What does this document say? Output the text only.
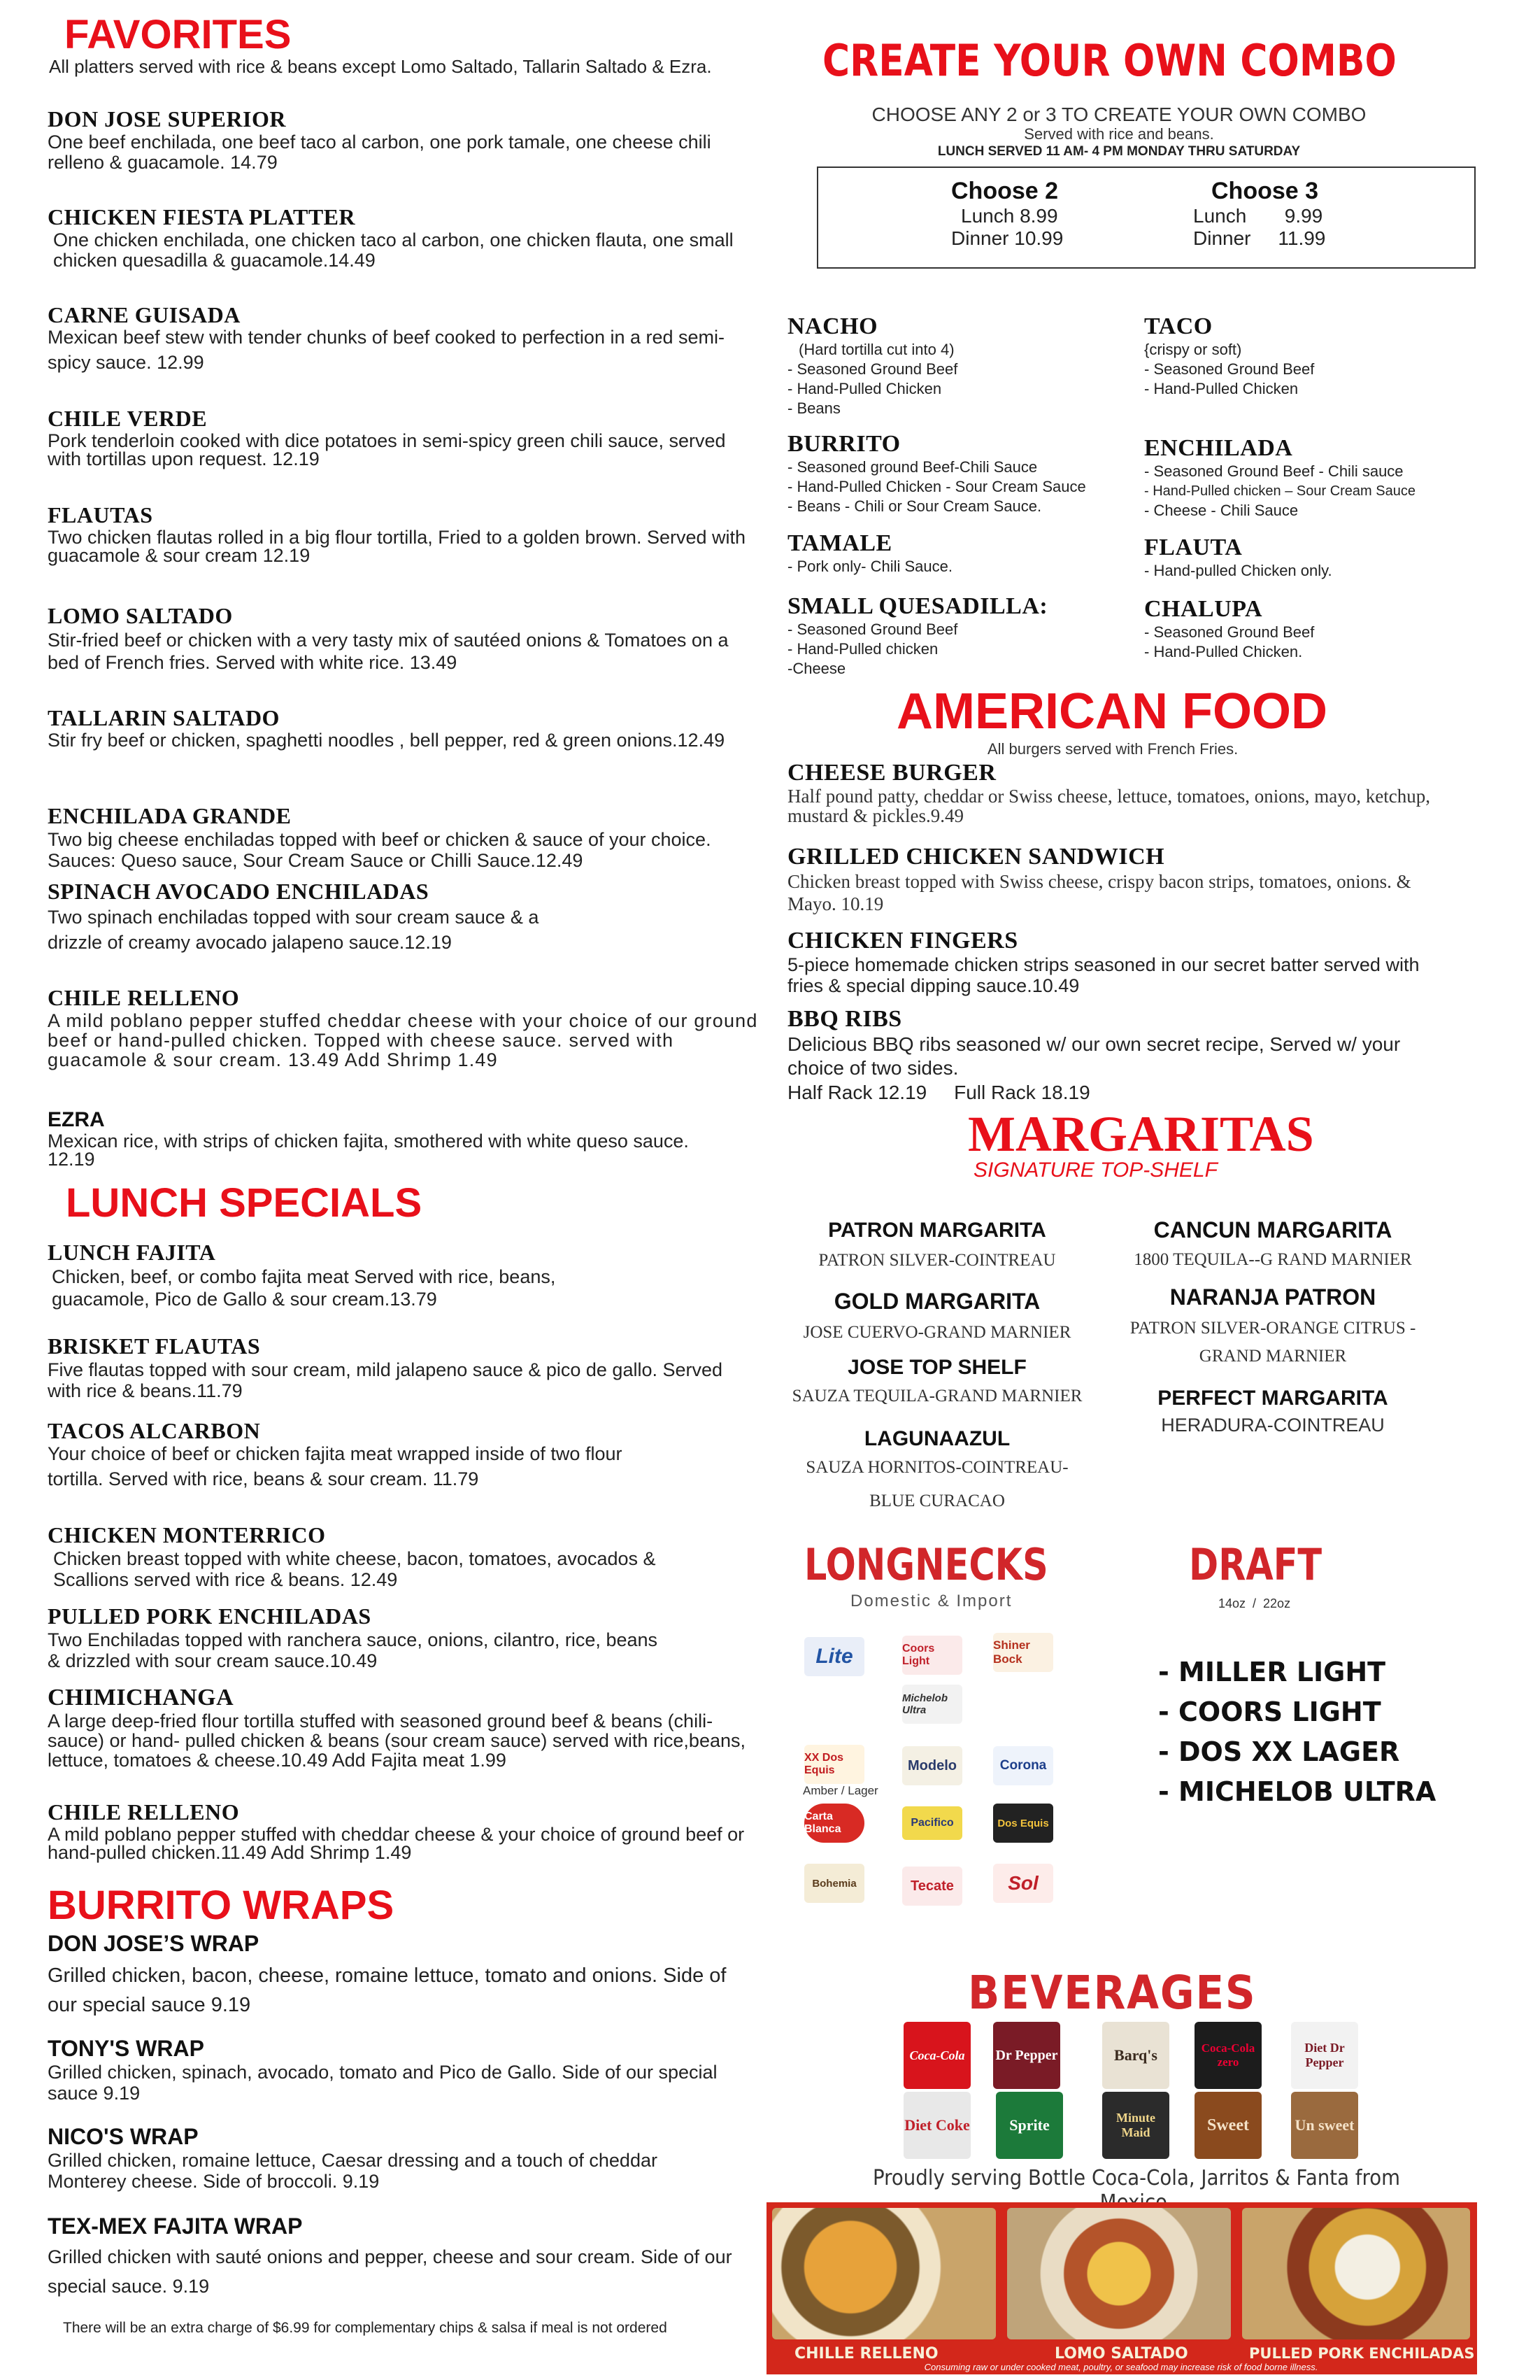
FAVORITES
All platters served with rice & beans except Lomo Saltado, Tallarin Saltado & Ezra.
DON JOSE SUPERIOR
One beef enchilada, one beef taco al carbon, one pork tamale, one cheese chili relleno & guacamole. 14.79
CHICKEN FIESTA PLATTER
One chicken enchilada, one chicken taco al carbon, one chicken flauta, one small chicken quesadilla & guacamole.14.49
CARNE GUISADA
Mexican beef stew with tender chunks of beef cooked to perfection in a red semi-spicy sauce. 12.99
CHILE VERDE
Pork tenderloin cooked with dice potatoes in semi-spicy green chili sauce, served with tortillas upon request. 12.19
FLAUTAS
Two chicken flautas rolled in a big flour tortilla, Fried to a golden brown. Served with guacamole & sour cream 12.19
LOMO SALTADO
Stir-fried beef or chicken with a very tasty mix of sautéed onions & Tomatoes on a bed of French fries. Served with white rice. 13.49
TALLARIN SALTADO
Stir fry beef or chicken, spaghetti noodles , bell pepper, red & green onions.12.49
ENCHILADA GRANDE
Two big cheese enchiladas topped with beef or chicken & sauce of your choice. Sauces: Queso sauce, Sour Cream Sauce or Chilli Sauce.12.49
SPINACH AVOCADO ENCHILADAS
Two spinach enchiladas topped with sour cream sauce & a drizzle of creamy avocado jalapeno sauce.12.19
CHILE RELLENO
A mild poblano pepper stuffed cheddar cheese with your choice of our ground beef or hand-pulled chicken. Topped with cheese sauce. served with guacamole & sour cream. 13.49 Add Shrimp 1.49
EZRA
Mexican rice, with strips of chicken fajita, smothered with white queso sauce. 12.19
LUNCH SPECIALS
LUNCH FAJITA
Chicken, beef, or combo fajita meat Served with rice, beans, guacamole, Pico de Gallo & sour cream.13.79
BRISKET FLAUTAS
Five flautas topped with sour cream, mild jalapeno sauce & pico de gallo. Served with rice & beans.11.79
TACOS ALCARBON
Your choice of beef or chicken fajita meat wrapped inside of two flour tortilla. Served with rice, beans & sour cream. 11.79
CHICKEN MONTERRICO
Chicken breast topped with white cheese, bacon, tomatoes, avocados & Scallions served with rice & beans. 12.49
PULLED PORK ENCHILADAS
Two Enchiladas topped with ranchera sauce, onions, cilantro, rice, beans & drizzled with sour cream sauce.10.49
CHIMICHANGA
A large deep-fried flour tortilla stuffed with seasoned ground beef & beans (chili-sauce) or hand- pulled chicken & beans (sour cream sauce) served with rice,beans, lettuce, tomatoes & cheese.10.49 Add Fajita meat 1.99
CHILE RELLENO
A mild poblano pepper stuffed with cheddar cheese & your choice of ground beef or hand-pulled chicken.11.49 Add Shrimp 1.49
BURRITO WRAPS
DON JOSE’S WRAP
Grilled chicken, bacon, cheese, romaine lettuce, tomato and onions. Side of our special sauce 9.19
TONY'S WRAP
Grilled chicken, spinach, avocado, tomato and Pico de Gallo. Side of our special sauce 9.19
NICO'S WRAP
Grilled chicken, romaine lettuce, Caesar dressing and a touch of cheddar Monterey cheese. Side of broccoli. 9.19
TEX-MEX FAJITA WRAP
Grilled chicken with sauté onions and pepper, cheese and sour cream. Side of our special sauce. 9.19
There will be an extra charge of $6.99 for complementary chips & salsa if meal is not ordered
CREATE YOUR OWN COMBO
CHOOSE ANY 2 or 3 TO CREATE YOUR OWN COMBO
Served with rice and beans.
LUNCH SERVED 11 AM- 4 PM MONDAY THRU SATURDAY
Choose 2
Lunch 8.99
Dinner 10.99
Choose 3
Lunch       9.99
Dinner     11.99
NACHO
(Hard tortilla cut into 4)
- Seasoned Ground Beef
- Hand-Pulled Chicken
- Beans
BURRITO
- Seasoned ground Beef-Chili Sauce
- Hand-Pulled Chicken - Sour Cream Sauce
- Beans - Chili or Sour Cream Sauce.
TAMALE
- Pork only- Chili Sauce.
SMALL QUESADILLA:
- Seasoned Ground Beef
- Hand-Pulled chicken
-Cheese
TACO
{crispy or soft)
- Seasoned Ground Beef
- Hand-Pulled Chicken
ENCHILADA
- Seasoned Ground Beef - Chili sauce
- Hand-Pulled chicken – Sour Cream Sauce
- Cheese - Chili Sauce
FLAUTA
- Hand-pulled Chicken only.
CHALUPA
- Seasoned Ground Beef
- Hand-Pulled Chicken.
AMERICAN FOOD
All burgers served with French Fries.
CHEESE BURGER
Half pound patty, cheddar or Swiss cheese, lettuce, tomatoes, onions, mayo, ketchup, mustard & pickles.9.49
GRILLED CHICKEN SANDWICH
Chicken breast topped with Swiss cheese, crispy bacon strips, tomatoes, onions. & Mayo. 10.19
CHICKEN FINGERS
5-piece homemade chicken strips seasoned in our secret batter served with fries & special dipping sauce.10.49
BBQ RIBS
Delicious BBQ ribs seasoned w/ our own secret recipe, Served w/ your choice of two sides.
Half Rack 12.19     Full Rack 18.19
MARGARITAS
SIGNATURE TOP-SHELF
PATRON MARGARITA
PATRON SILVER-COINTREAU
GOLD MARGARITA
JOSE CUERVO-GRAND MARNIER
JOSE TOP SHELF
SAUZA TEQUILA-GRAND MARNIER
LAGUNAAZUL
SAUZA HORNITOS-COINTREAU-
BLUE CURACAO
CANCUN MARGARITA
1800 TEQUILA--G RAND MARNIER
NARANJA PATRON
PATRON SILVER-ORANGE CITRUS -
GRAND MARNIER
PERFECT MARGARITA
HERADURA-COINTREAU
LONGNECKS
Domestic & Import
Lite	Coors Light
Shiner Bock
Michelob Ultra
XX Dos Equis
Amber / Lager
Modelo	Corona
Carta Blanca
Pacifico	Dos Equis
Bohemia	Tecate	Sol
DRAFT
14oz  /  22oz
- MILLER LIGHT
- COORS LIGHT
- DOS XX LAGER
- MICHELOB ULTRA
BEVERAGES
Coca-Cola	Dr Pepper	Barq's	Coca-Cola zero
Diet Dr Pepper
Diet Coke	Sprite	Minute Maid	Sweet	Un sweet
Proudly serving Bottle Coca-Cola, Jarritos & Fanta from
CHILLE RELLENO	LOMO SALTADO	PULLED PORK ENCHILADAS
Consuming raw or under cooked meat, poultry, or seafood may increase risk of food borne illness.
